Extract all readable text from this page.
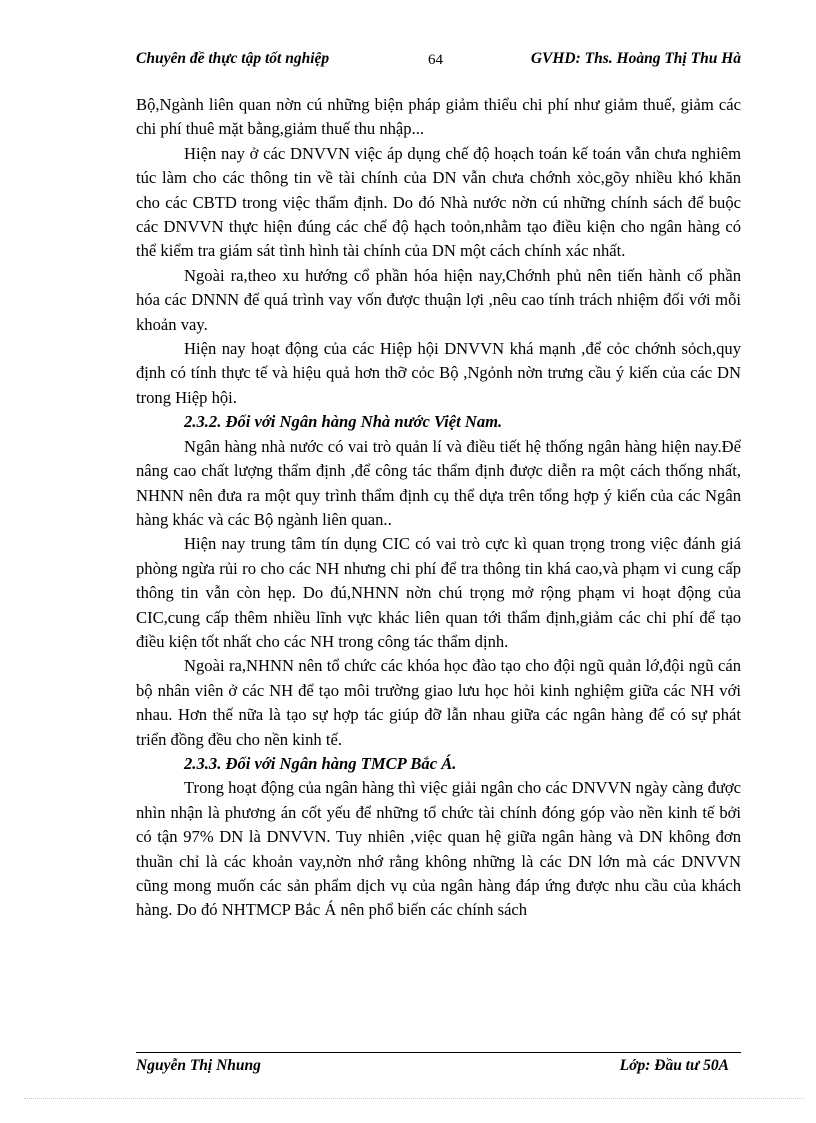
Chuyên đề thực tập tốt nghiệp	64	GVHD: Ths. Hoàng Thị Thu Hà

Bộ,Ngành liên quan nờn cú những biện pháp giảm thiểu chi phí như giảm thuế, giảm các chi phí thuê mặt bằng,giảm thuế thu nhập...

Hiện nay ở các DNVVN việc áp dụng chế độ hoạch toán kế toán vẫn chưa nghiêm túc làm cho các thông tin về tài chính của DN vẫn chưa chớnh xỏc,gõy nhiều khó khăn cho các CBTD trong việc thẩm định. Do đó Nhà nước nờn cú những chính sách để buộc các DNVVN thực hiện đúng các chế độ hạch toỏn,nhằm tạo điều kiện cho ngân hàng có thể kiểm tra giám sát tình hình tài chính của DN một cách chính xác nhất.

Ngoài ra,theo xu hướng cổ phần hóa hiện nay,Chớnh phủ nên tiến hành cổ phần hóa các DNNN để quá trình vay vốn được thuận lợi ,nêu cao tính trách nhiệm đối với mỗi khoản vay.

Hiện nay hoạt động của các Hiệp hội DNVVN khá mạnh ,để cỏc chớnh sỏch,quy định có tính thực tế và hiệu quả hơn thỡ cỏc Bộ ,Ngỏnh nờn trưng cầu ý kiến của các DN trong Hiệp hội.

2.3.2. Đối với Ngân hàng Nhà nước Việt Nam.

Ngân hàng nhà nước có vai trò quản lí và điều tiết hệ thống ngân hàng hiện nay.Để nâng cao chất lượng thẩm định ,để công tác thẩm định được diễn ra một cách thống nhất, NHNN nên đưa ra một quy trình thẩm định cụ thể dựa trên tổng hợp ý kiến của các Ngân hàng khác và các Bộ ngành liên quan..

Hiện nay trung tâm tín dụng CIC có vai trò cực kì quan trọng trong việc đánh giá phòng ngừa rủi ro cho các NH nhưng chi phí để tra thông tin khá cao,và phạm vi cung cấp thông tin vẫn còn hẹp. Do đú,NHNN nờn chú trọng mở rộng phạm vi hoạt động của CIC,cung cấp thêm nhiều lĩnh vực khác liên quan tới thẩm định,giảm các chi phí để tạo điều kiện tốt nhất cho các NH trong công tác thẩm dịnh.

Ngoài ra,NHNN nên tổ chức các khóa học đào tạo cho đội ngũ quản lớ,đội ngũ cán bộ nhân viên ở các NH để tạo môi trường giao lưu học hỏi kinh nghiệm giữa các NH với nhau. Hơn thế nữa là tạo sự hợp tác giúp đỡ lẫn nhau giữa các ngân hàng để có sự phát triển đồng đều cho nền kinh tế.

2.3.3. Đối với Ngân hàng TMCP Bắc Á.

Trong hoạt động của ngân hàng thì việc giải ngân cho các DNVVN ngày càng được nhìn nhận là phương án cốt yếu để những tổ chức tài chính đóng góp vào nền kinh tế bởi có tận 97% DN là DNVVN. Tuy nhiên ,việc quan hệ giữa ngân hàng và DN không đơn thuần chỉ là các khoản vay,nờn nhớ rằng không những là các DN lớn mà các DNVVN cũng mong muốn các sản phẩm dịch vụ của ngân hàng đáp ứng được nhu cầu của khách hàng. Do đó NHTMCP Bắc Á nên phổ biến các chính sách

Nguyễn Thị Nhung	Lớp: Đầu tư 50A
